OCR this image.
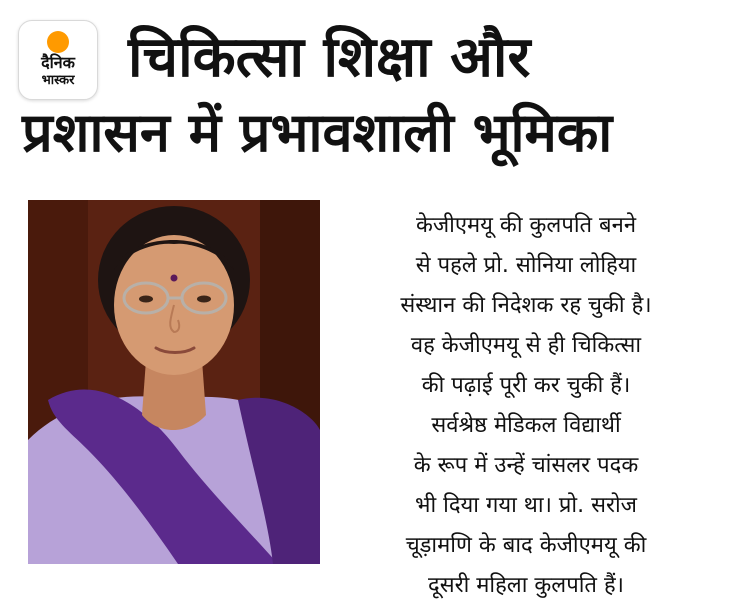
दैनिक
भास्कर चिकित्सा शिक्षा और
प्रशासन में प्रभावशाली भूमिका
केजीएमयू की कुलपति बनने
से पहले प्रो. सोनिया लोहिया
संस्थान की निदेशक रह चुकी है।
वह केजीएमयू से ही चिकित्सा
की पढ़ाई पूरी कर चुकी हैं।
सर्वश्रेष्ठ मेडिकल विद्यार्थी
के रूप में उन्हें चांसलर पदक
भी दिया गया था। प्रो. सरोज
चूड़ामणि के बाद केजीएमयू की
दूसरी महिला कुलपति हैं।
